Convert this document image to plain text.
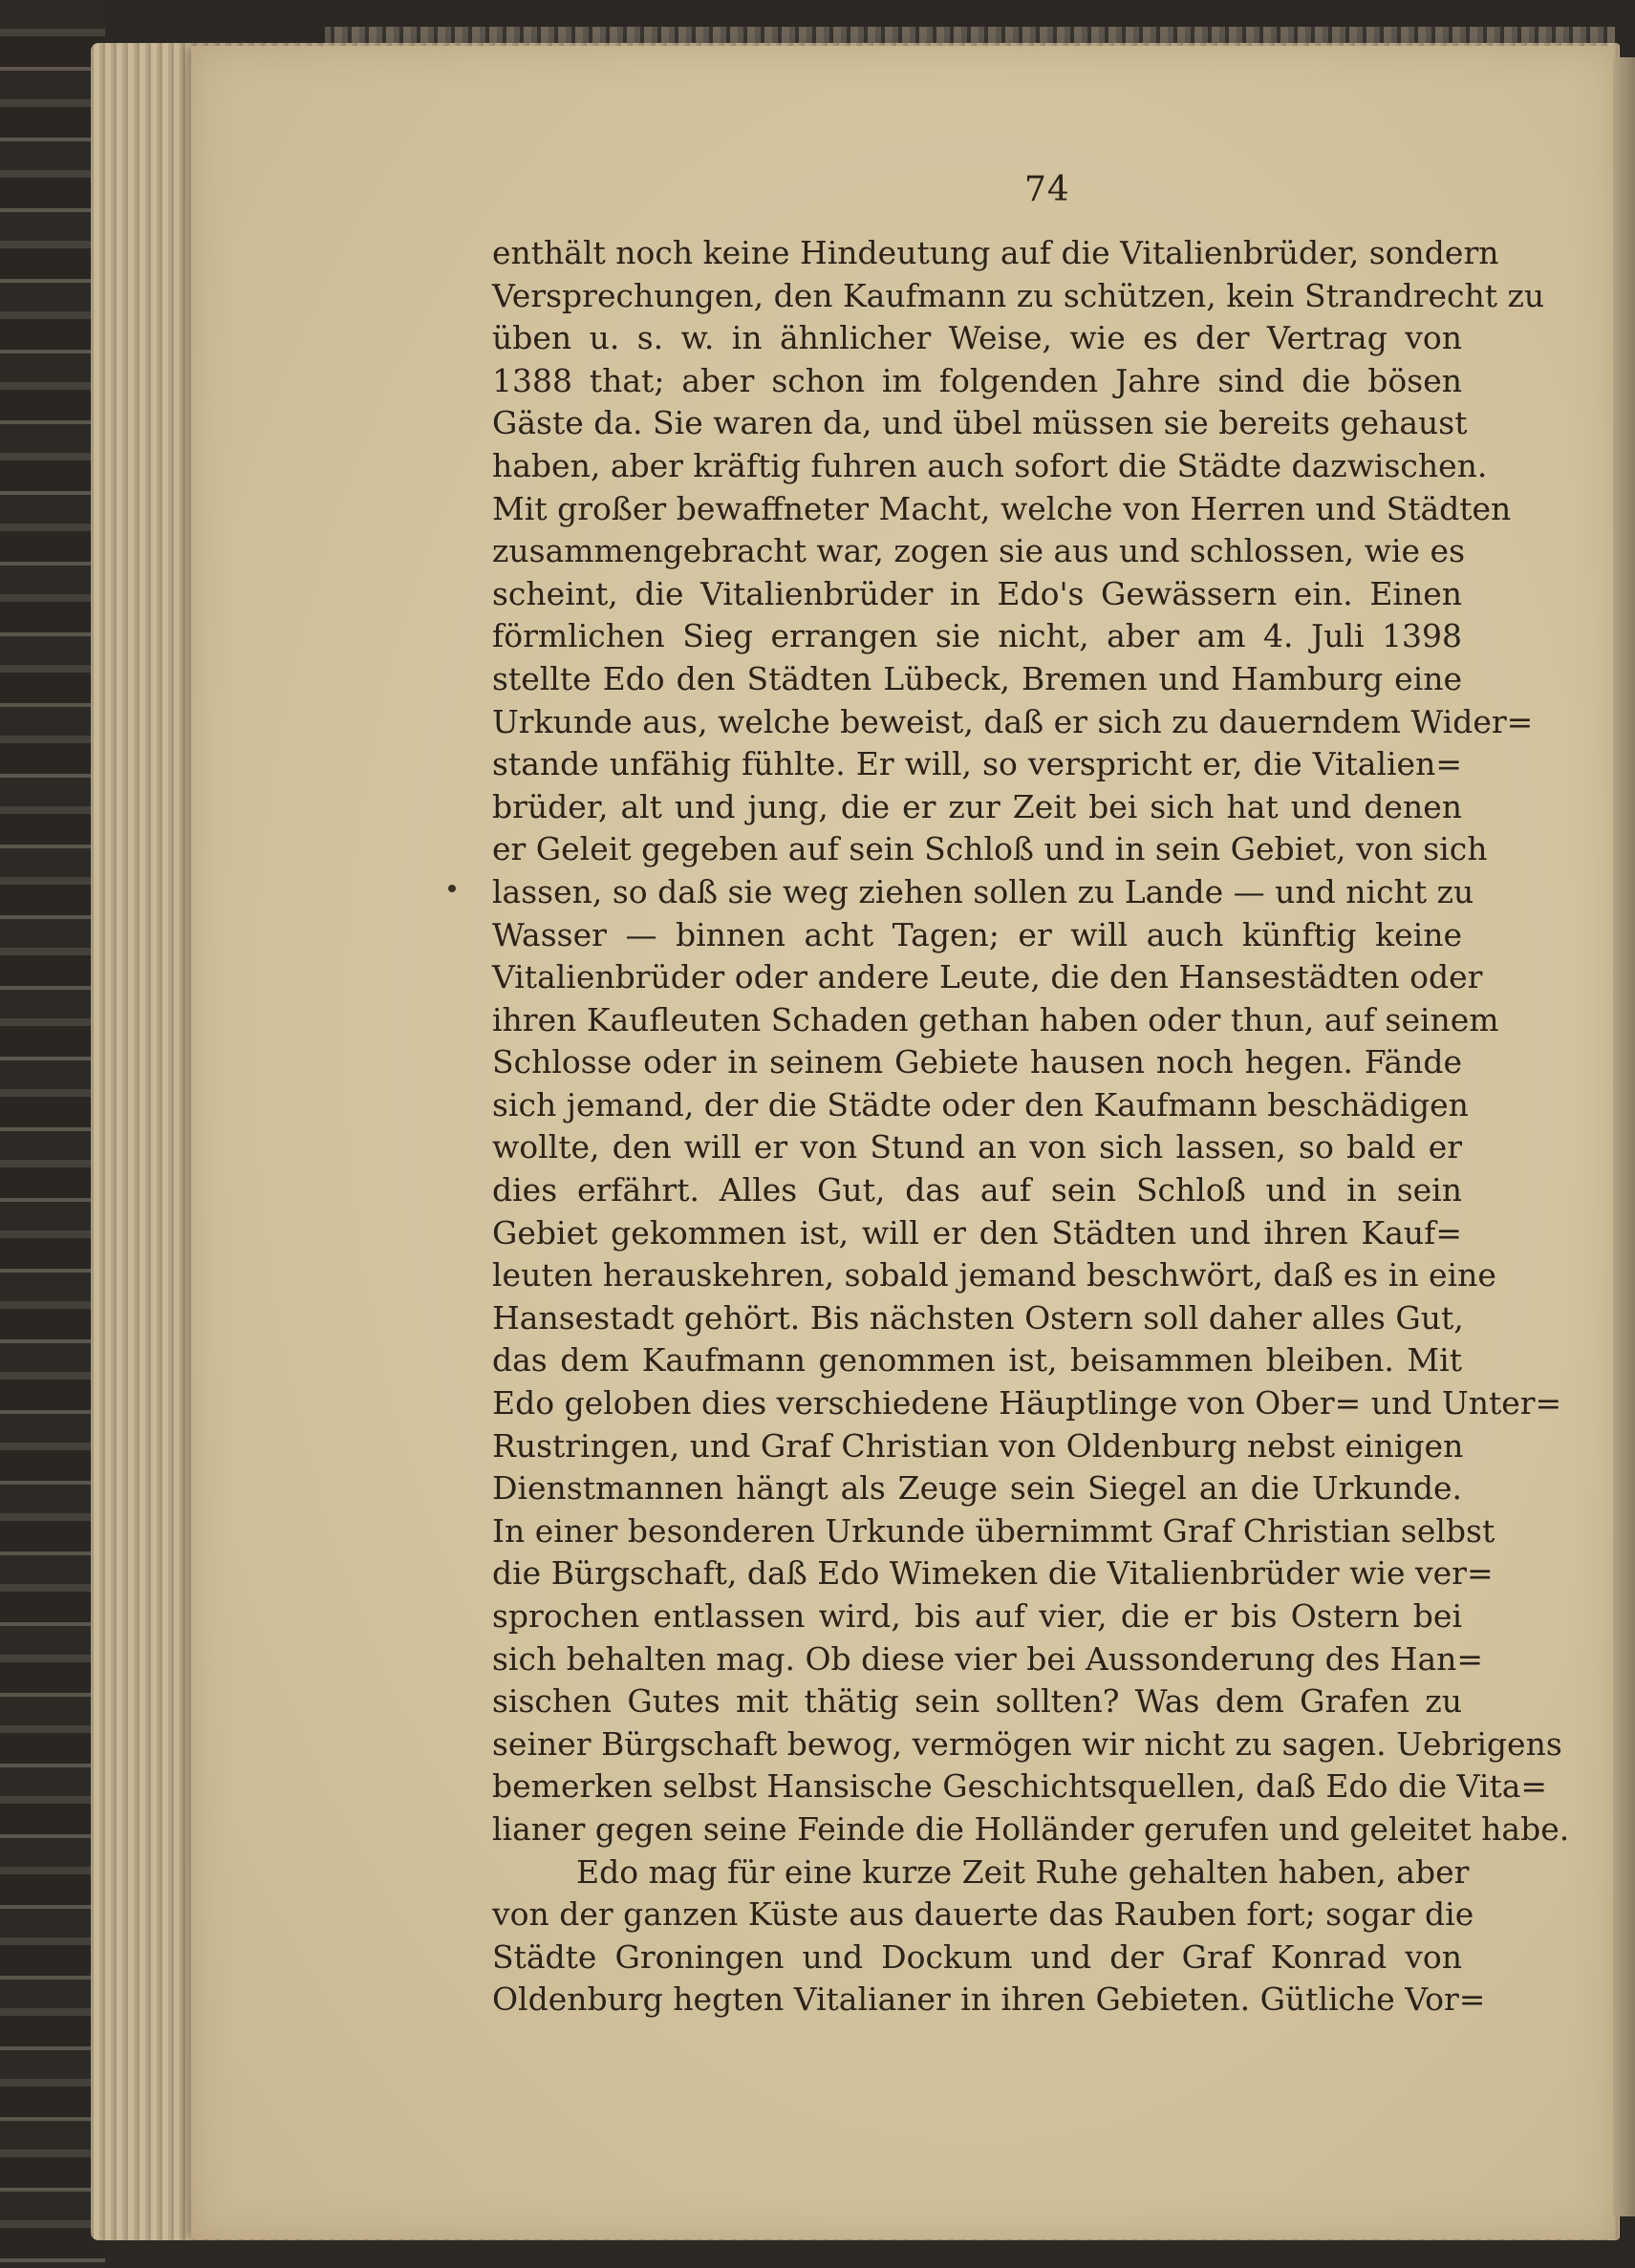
74
enthält noch keine Hindeutung auf die Vitalienbrüder, sondern
Versprechungen, den Kaufmann zu schützen, kein Strandrecht zu
üben u. s. w. in ähnlicher Weise, wie es der Vertrag von
1388 that; aber schon im folgenden Jahre sind die bösen
Gäste da. Sie waren da, und übel müssen sie bereits gehaust
haben, aber kräftig fuhren auch sofort die Städte dazwischen.
Mit großer bewaffneter Macht, welche von Herren und Städten
zusammengebracht war, zogen sie aus und schlossen, wie es
scheint, die Vitalienbrüder in Edo's Gewässern ein. Einen
förmlichen Sieg errangen sie nicht, aber am 4. Juli 1398
stellte Edo den Städten Lübeck, Bremen und Hamburg eine
Urkunde aus, welche beweist, daß er sich zu dauerndem Wider=
stande unfähig fühlte. Er will, so verspricht er, die Vitalien=
brüder, alt und jung, die er zur Zeit bei sich hat und denen
er Geleit gegeben auf sein Schloß und in sein Gebiet, von sich
lassen, so daß sie weg ziehen sollen zu Lande — und nicht zu
Wasser — binnen acht Tagen; er will auch künftig keine
Vitalienbrüder oder andere Leute, die den Hansestädten oder
ihren Kaufleuten Schaden gethan haben oder thun, auf seinem
Schlosse oder in seinem Gebiete hausen noch hegen. Fände
sich jemand, der die Städte oder den Kaufmann beschädigen
wollte, den will er von Stund an von sich lassen, so bald er
dies erfährt. Alles Gut, das auf sein Schloß und in sein
Gebiet gekommen ist, will er den Städten und ihren Kauf=
leuten herauskehren, sobald jemand beschwört, daß es in eine
Hansestadt gehört. Bis nächsten Ostern soll daher alles Gut,
das dem Kaufmann genommen ist, beisammen bleiben. Mit
Edo geloben dies verschiedene Häuptlinge von Ober= und Unter=
Rustringen, und Graf Christian von Oldenburg nebst einigen
Dienstmannen hängt als Zeuge sein Siegel an die Urkunde.
In einer besonderen Urkunde übernimmt Graf Christian selbst
die Bürgschaft, daß Edo Wimeken die Vitalienbrüder wie ver=
sprochen entlassen wird, bis auf vier, die er bis Ostern bei
sich behalten mag. Ob diese vier bei Aussonderung des Han=
sischen Gutes mit thätig sein sollten? Was dem Grafen zu
seiner Bürgschaft bewog, vermögen wir nicht zu sagen. Uebrigens
bemerken selbst Hansische Geschichtsquellen, daß Edo die Vita=
lianer gegen seine Feinde die Holländer gerufen und geleitet habe.
Edo mag für eine kurze Zeit Ruhe gehalten haben, aber
von der ganzen Küste aus dauerte das Rauben fort; sogar die
Städte Groningen und Dockum und der Graf Konrad von
Oldenburg hegten Vitalianer in ihren Gebieten. Gütliche Vor=
